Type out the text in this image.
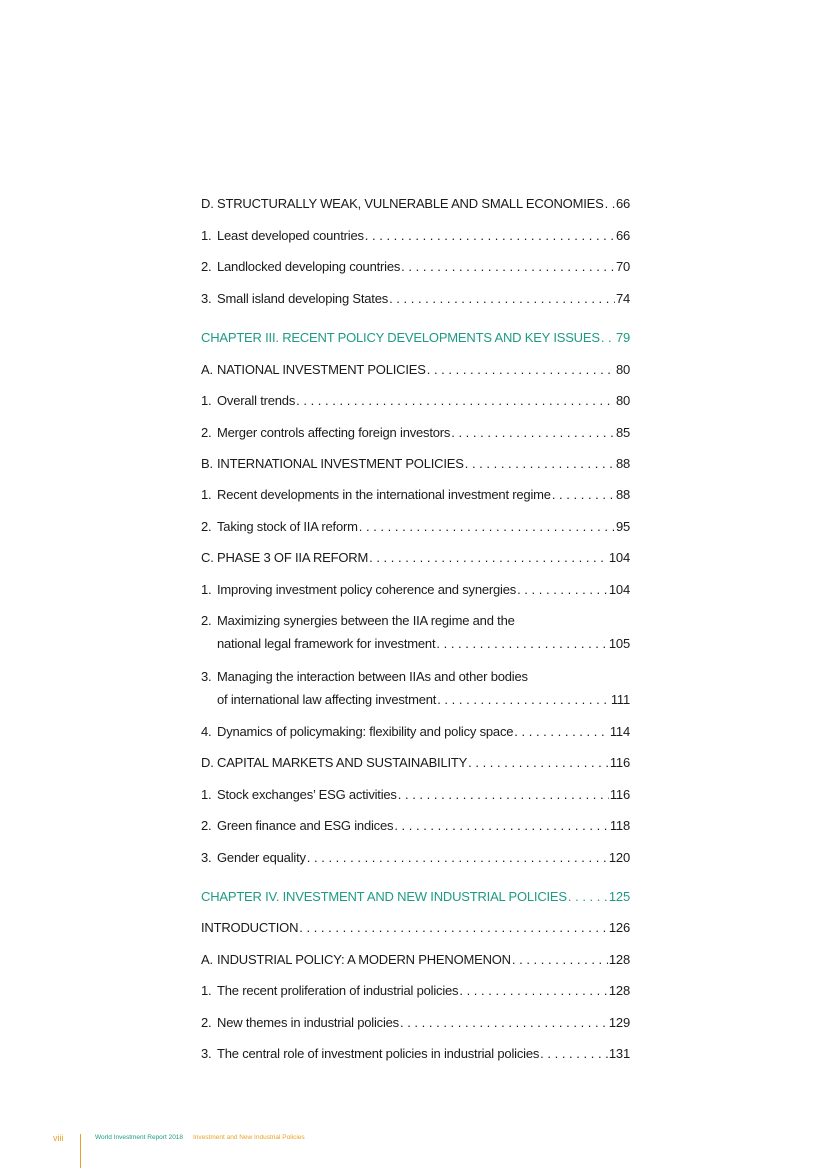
D. STRUCTURALLY WEAK, VULNERABLE AND SMALL ECONOMIES . . . 66
1. Least developed countries . . .	66
2. Landlocked developing countries . . .	70
3. Small island developing States . . .	74
CHAPTER III. RECENT POLICY DEVELOPMENTS AND KEY ISSUES . . . 79
A. NATIONAL INVESTMENT POLICIES . . .	80
1. Overall trends . . .	80
2. Merger controls affecting foreign investors . . .	85
B. INTERNATIONAL INVESTMENT POLICIES . . .	88
1. Recent developments in the international investment regime . . .	88
2. Taking stock of IIA reform . . .	95
C. PHASE 3 OF IIA REFORM . . .	104
1. Improving investment policy coherence and synergies . . .	104
2. Maximizing synergies between the IIA regime and the
national legal framework for investment . . .	105
3. Managing the interaction between IIAs and other bodies
of international law affecting investment . . .	111
4. Dynamics of policymaking: flexibility and policy space . . .	114
D. CAPITAL MARKETS AND SUSTAINABILITY . . .	116
1. Stock exchanges’ ESG activities . . .	116
2. Green finance and ESG indices . . .	118
3. Gender equality . . .	120
CHAPTER IV. INVESTMENT AND NEW INDUSTRIAL POLICIES . . .	125
INTRODUCTION . . .	126
A. INDUSTRIAL POLICY: A MODERN PHENOMENON . . .	128
1. The recent proliferation of industrial policies . . .	128
2. New themes in industrial policies . . .	129
3. The central role of investment policies in industrial policies . . .	131
viii	World Investment Report 2018 Investment and New Industrial Policies
